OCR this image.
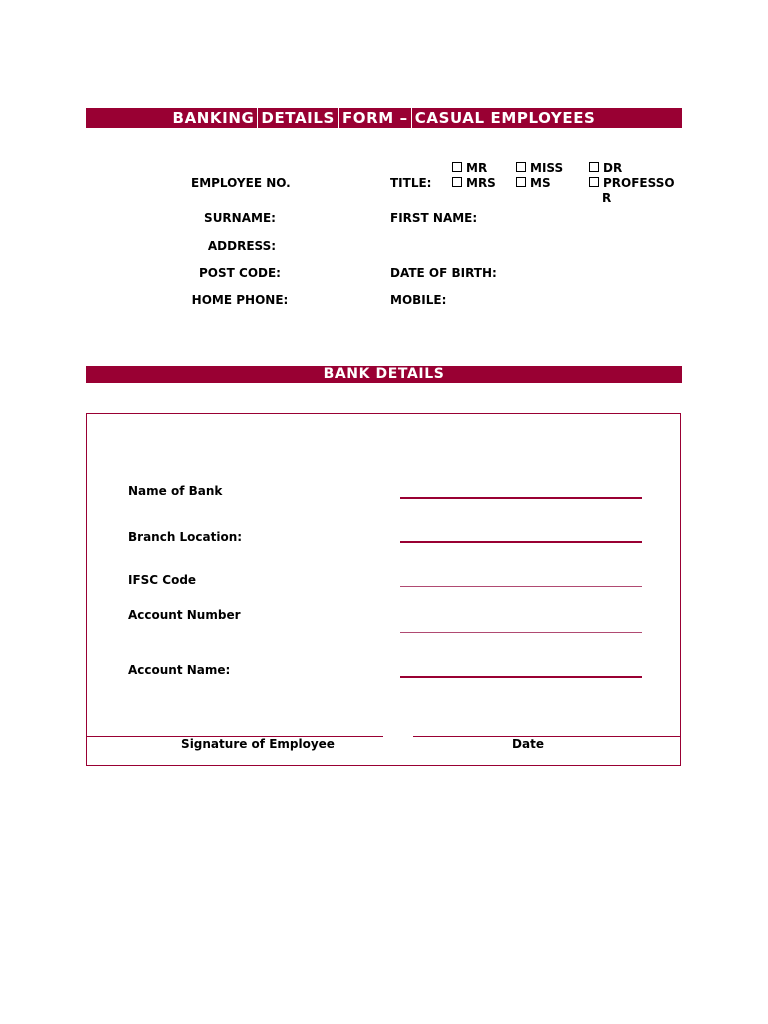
BANKING DETAILS FORM – CASUAL EMPLOYEES
EMPLOYEE NO.	TITLE:
MR	MISS	DR
MRS	MS	PROFESSO
R
SURNAME:	FIRST NAME:
ADDRESS:
POST CODE:	DATE OF BIRTH:
HOME PHONE:	MOBILE:
BANK DETAILS
Name of Bank
Branch Location:
IFSC Code
Account Number
Account Name:
Signature of Employee	Date
